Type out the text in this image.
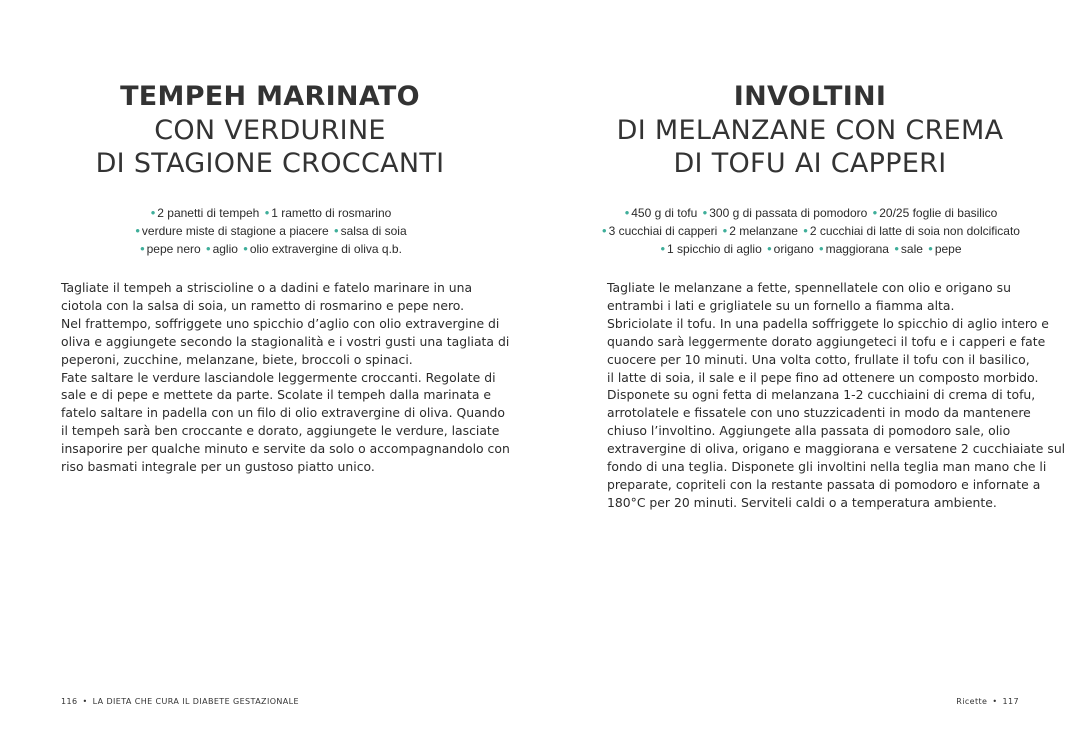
TEMPEH MARINATO
CON VERDURINE
DI STAGIONE CROCCANTI
• 2 panetti di tempeh • 1 rametto di rosmarino
• verdure miste di stagione a piacere • salsa di soia
• pepe nero • aglio • olio extravergine di oliva q.b.
Tagliate il tempeh a striscioline o a dadini e fatelo marinare in una
ciotola con la salsa di soia, un rametto di rosmarino e pepe nero.
Nel frattempo, soffriggete uno spicchio d’aglio con olio extravergine di
oliva e aggiungete secondo la stagionalità e i vostri gusti una tagliata di
peperoni, zucchine, melanzane, biete, broccoli o spinaci.
Fate saltare le verdure lasciandole leggermente croccanti. Regolate di
sale e di pepe e mettete da parte. Scolate il tempeh dalla marinata e
fatelo saltare in padella con un filo di olio extravergine di oliva. Quando
il tempeh sarà ben croccante e dorato, aggiungete le verdure, lasciate
insaporire per qualche minuto e servite da solo o accompagnandolo con
riso basmati integrale per un gustoso piatto unico.
116 • LA DIETA CHE CURA IL DIABETE GESTAZIONALE
INVOLTINI
DI MELANZANE CON CREMA
DI TOFU AI CAPPERI
• 450 g di tofu • 300 g di passata di pomodoro • 20/25 foglie di basilico
• 3 cucchiai di capperi • 2 melanzane • 2 cucchiai di latte di soia non dolcificato
• 1 spicchio di aglio • origano • maggiorana • sale • pepe
Tagliate le melanzane a fette, spennellatele con olio e origano su
entrambi i lati e grigliatele su un fornello a fiamma alta.
Sbriciolate il tofu. In una padella soffriggete lo spicchio di aglio intero e
quando sarà leggermente dorato aggiungeteci il tofu e i capperi e fate
cuocere per 10 minuti. Una volta cotto, frullate il tofu con il basilico,
il latte di soia, il sale e il pepe fino ad ottenere un composto morbido.
Disponete su ogni fetta di melanzana 1-2 cucchiaini di crema di tofu,
arrotolatele e fissatele con uno stuzzicadenti in modo da mantenere
chiuso l’involtino. Aggiungete alla passata di pomodoro sale, olio
extravergine di oliva, origano e maggiorana e versatene 2 cucchiaiate sul
fondo di una teglia. Disponete gli involtini nella teglia man mano che li
preparate, copriteli con la restante passata di pomodoro e infornate a
180°C per 20 minuti. Serviteli caldi o a temperatura ambiente.
Ricette • 117
